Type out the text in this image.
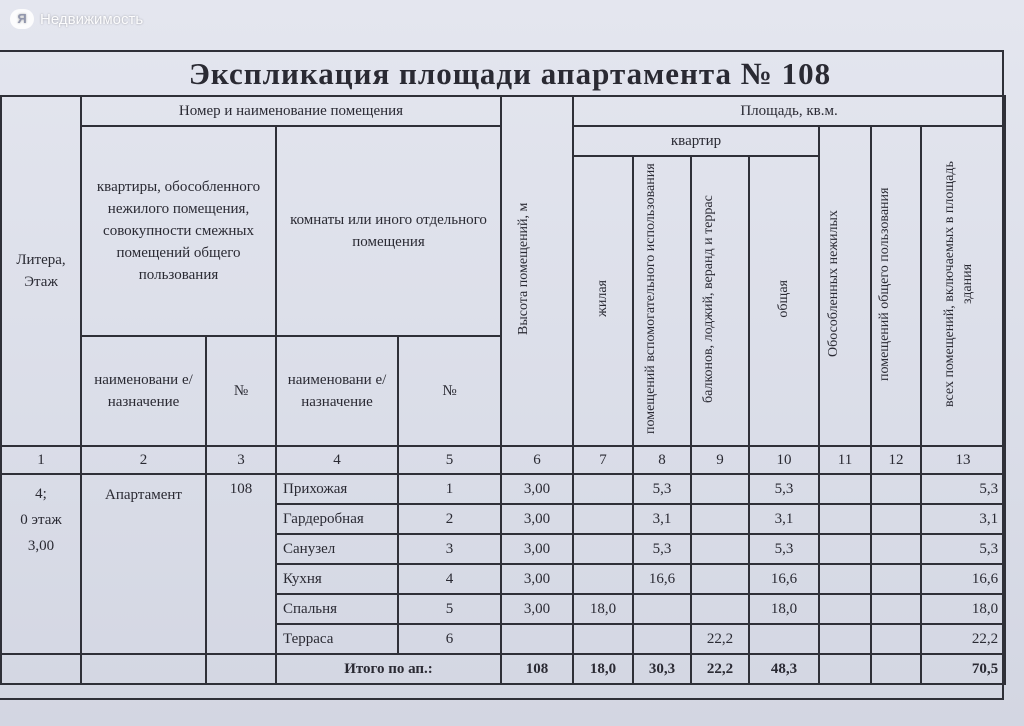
Я Недвижимость
Экспликация площади апартамента № 108
Литера, Этаж	Номер и наименование помещения				Высота помещений, м	Площадь, кв.м.						

	квартиры, обособленного нежилого помещения, совокупности смежных помещений общего пользования		комнаты или иного отдельного помещения			квартир				Обособленных нежилых	помещений общего пользования	всех помещений, включаемых в площадь здания
						жилая	помещений вспомогательного использования	балконов, лоджий, веранд и террас	общая			

	наименовани е/ назначение	№	наименовани е/ назначение	№								
1	2	3	4	5	6	7	8	9	10	11	12	13

4;
0 этаж
3,00	Апартамент	108	Прихожая	1	3,00		5,3		5,3			5,3
			Гардеробная	2	3,00		3,1		3,1			3,1
			Санузел	3	3,00		5,3		5,3			5,3
			Кухня	4	3,00		16,6		16,6			16,6
			Спальня	5	3,00	18,0			18,0			18,0
			Терраса	6				22,2				22,2
			Итого по ап.:		108	18,0	30,3	22,2	48,3			70,5
